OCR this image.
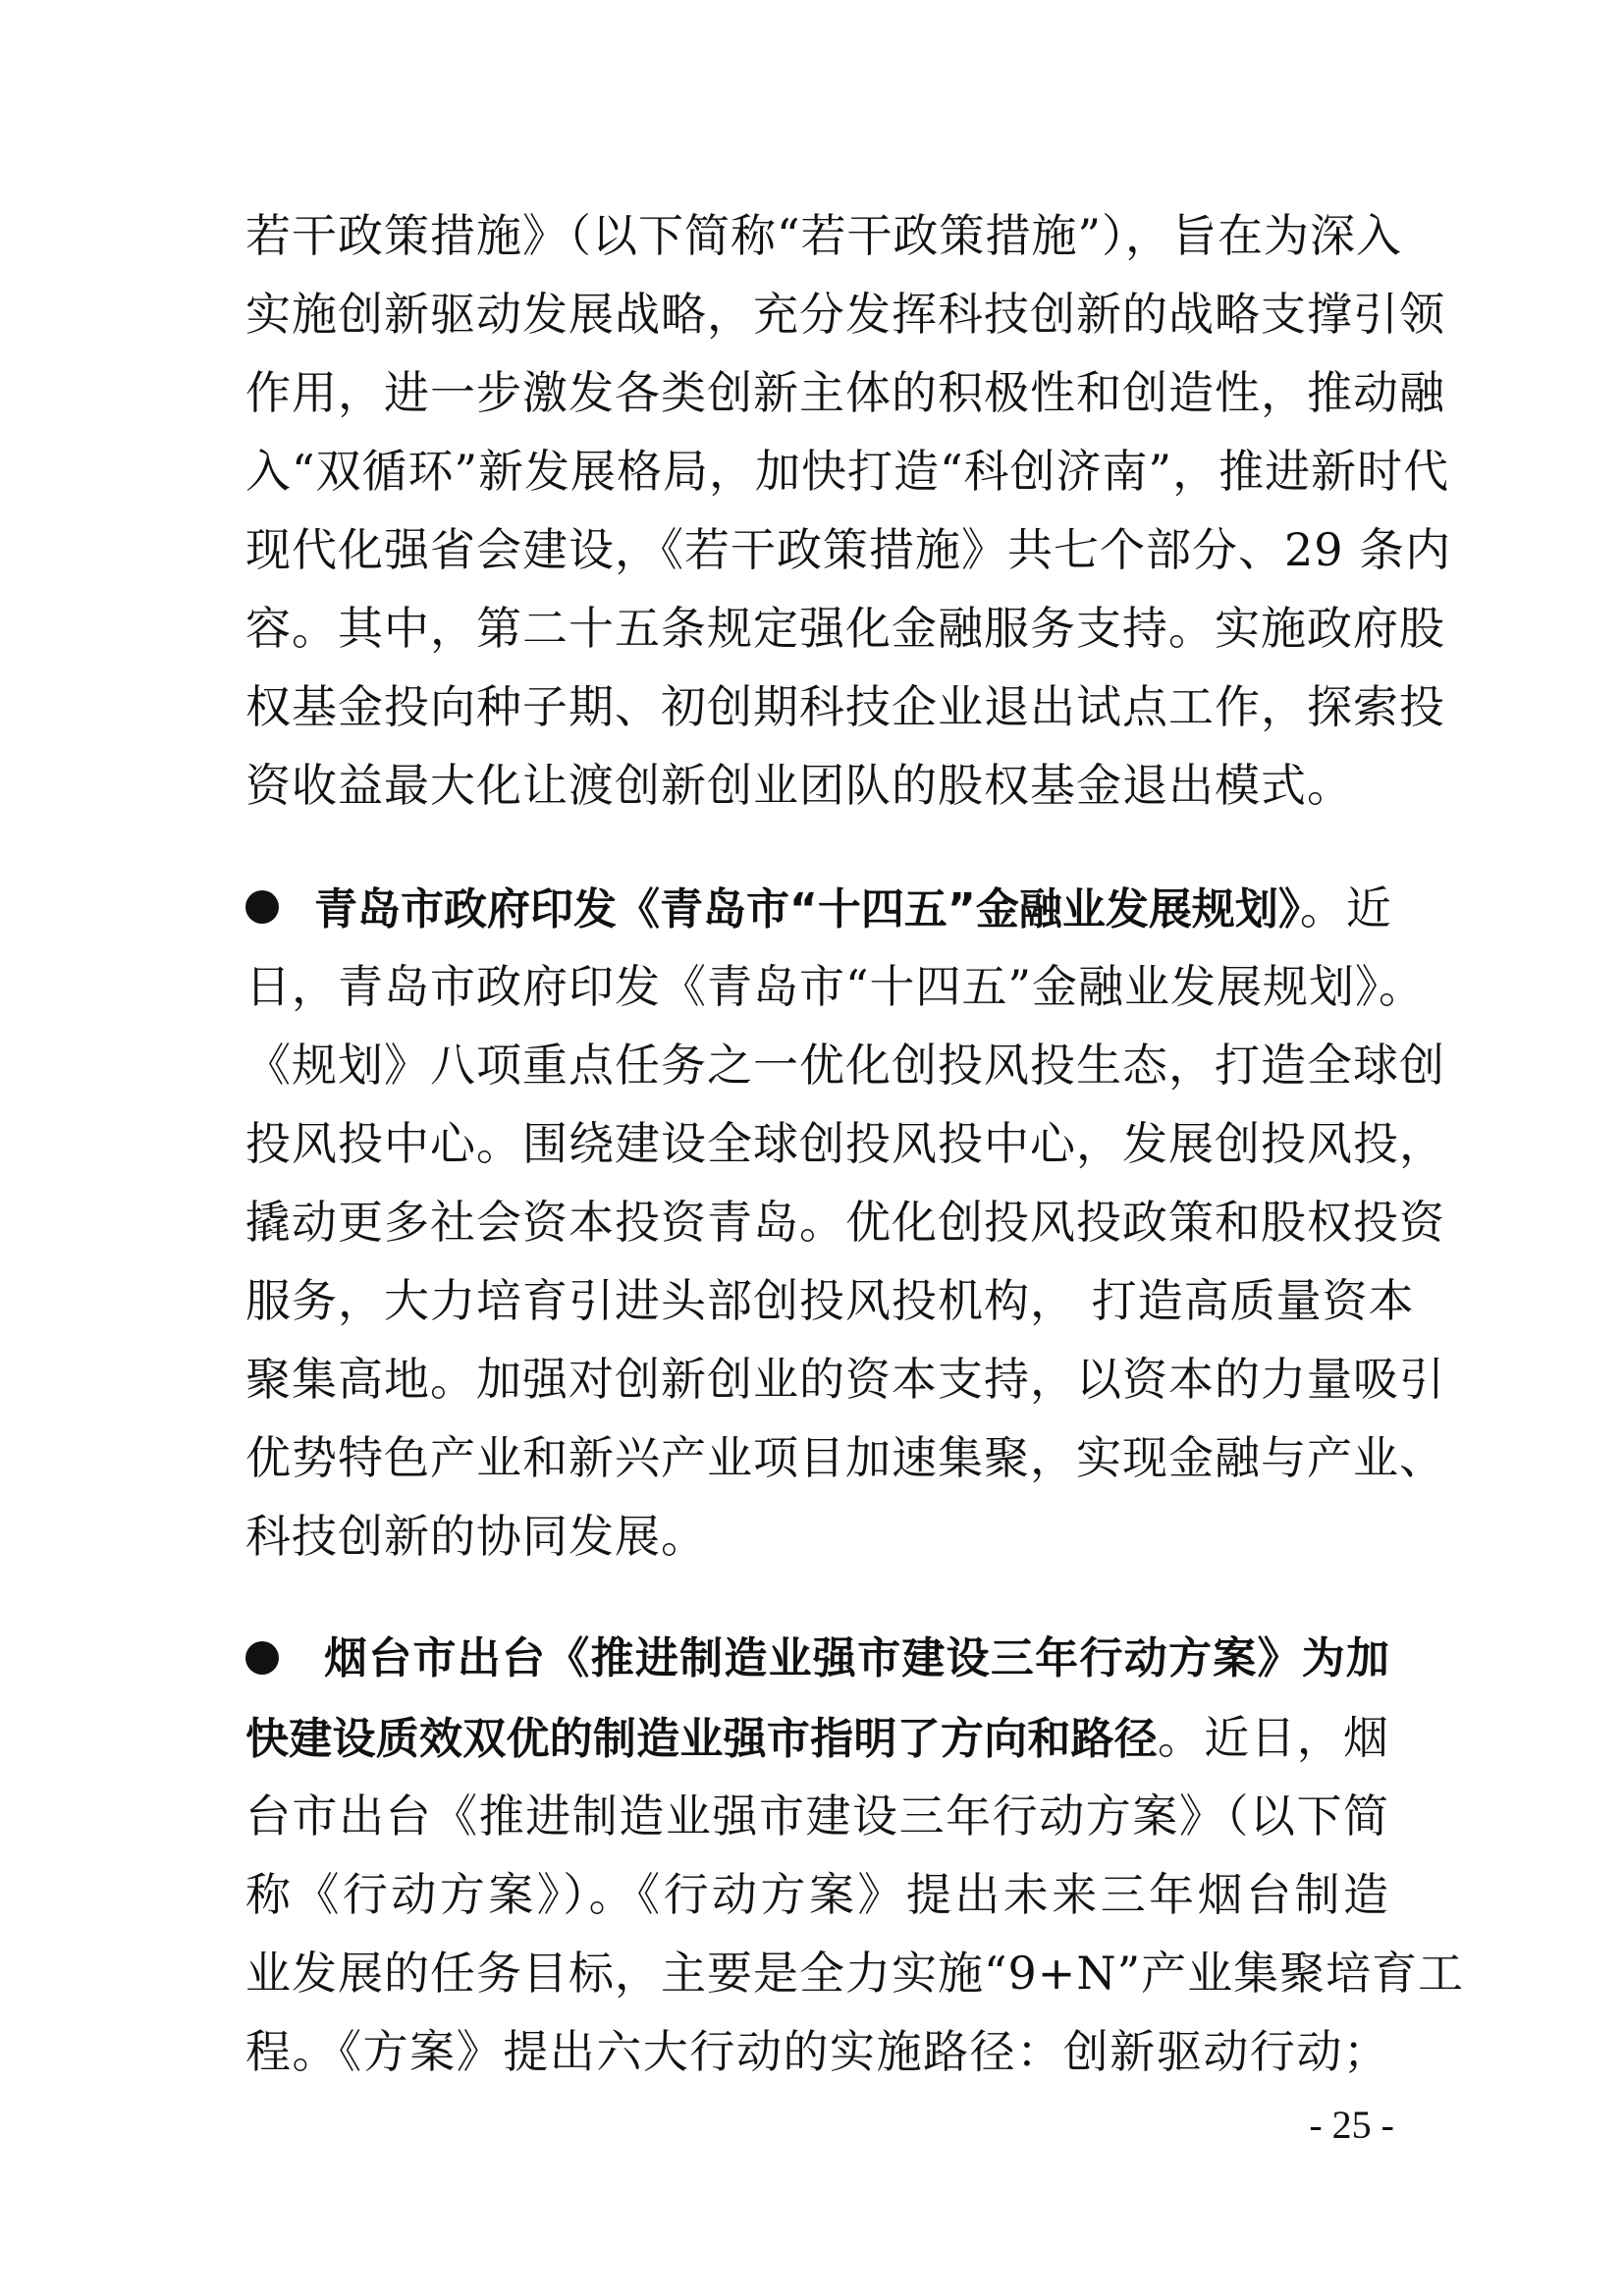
若干政策措施》（以下简称“若干政策措施”），旨在为深入
实施创新驱动发展战略，充分发挥科技创新的战略支撑引领
作用，进一步激发各类创新主体的积极性和创造性，推动融
入“双循环”新发展格局，加快打造“科创济南”，推进新时代
现代化强省会建设，《若干政策措施》共七个部分、29 条内
容。其中，第二十五条规定强化金融服务支持。实施政府股
权基金投向种子期、初创期科技企业退出试点工作，探索投
资收益最大化让渡创新创业团队的股权基金退出模式。
青岛市政府印发《青岛市“十四五”金融业发展规划》。近
日，青岛市政府印发《青岛市“十四五”金融业发展规划》。
《规划》八项重点任务之一优化创投风投生态，打造全球创
投风投中心。围绕建设全球创投风投中心，发展创投风投，
撬动更多社会资本投资青岛。优化创投风投政策和股权投资
服务，大力培育引进头部创投风投机构， 打造高质量资本
聚集高地。加强对创新创业的资本支持，以资本的力量吸引
优势特色产业和新兴产业项目加速集聚，实现金融与产业、
科技创新的协同发展。
烟台市出台《推进制造业强市建设三年行动方案》为加
快建设质效双优的制造业强市指明了方向和路径。近日，烟
台市出台《推进制造业强市建设三年行动方案》（以下简
称《行动方案》）。《行动方案》提出未来三年烟台制造
业发展的任务目标，主要是全力实施“9+N”产业集聚培育工
程。《方案》提出六大行动的实施路径：创新驱动行动；
- 25 -
